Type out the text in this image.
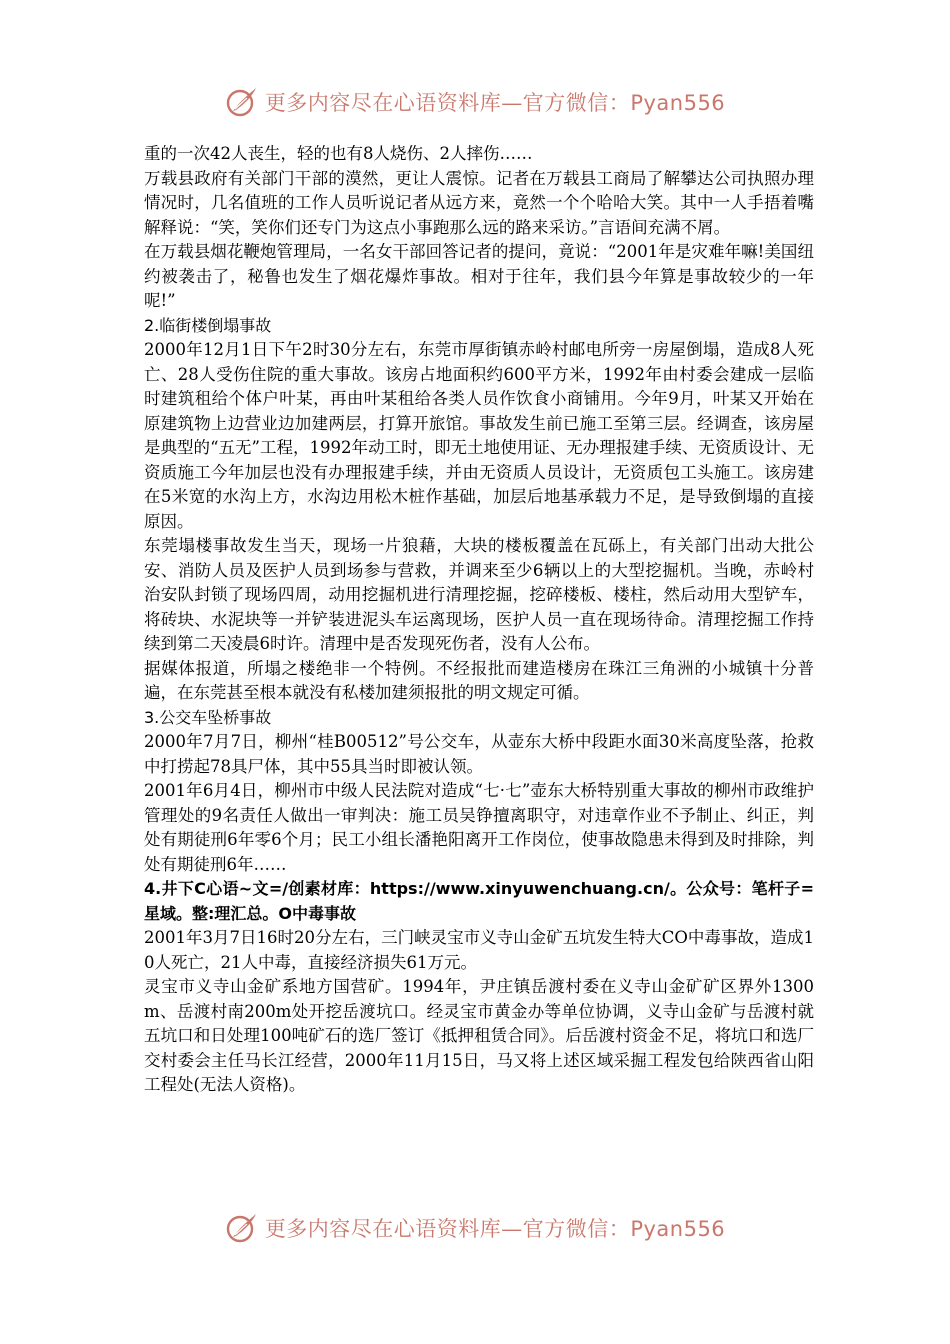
更多内容尽在心语资料库—官方微信：Pyan556

重的一次42人丧生，轻的也有8人烧伤、2人摔伤……

万载县政府有关部门干部的漠然，更让人震惊。记者在万载县工商局了解攀达公司执照办理情况时，几名值班的工作人员听说记者从远方来，竟然一个个哈哈大笑。其中一人手捂着嘴解释说：“笑，笑你们还专门为这点小事跑那么远的路来采访。”言语间充满不屑。

在万载县烟花鞭炮管理局，一名女干部回答记者的提问，竟说：“2001年是灾难年嘛!美国纽约被袭击了，秘鲁也发生了烟花爆炸事故。相对于往年，我们县今年算是事故较少的一年呢!”

2.临街楼倒塌事故

2000年12月1日下午2时30分左右，东莞市厚街镇赤岭村邮电所旁一房屋倒塌，造成8人死亡、28人受伤住院的重大事故。该房占地面积约600平方米，1992年由村委会建成一层临时建筑租给个体户叶某，再由叶某租给各类人员作饮食小商铺用。今年9月，叶某又开始在原建筑物上边营业边加建两层，打算开旅馆。事故发生前已施工至第三层。经调查，该房屋是典型的“五无”工程，1992年动工时，即无土地使用证、无办理报建手续、无资质设计、无资质施工今年加层也没有办理报建手续，并由无资质人员设计，无资质包工头施工。该房建在5米宽的水沟上方，水沟边用松木桩作基础，加层后地基承载力不足，是导致倒塌的直接原因。

东莞塌楼事故发生当天，现场一片狼藉，大块的楼板覆盖在瓦砾上，有关部门出动大批公安、消防人员及医护人员到场参与营救，并调来至少6辆以上的大型挖掘机。当晚，赤岭村治安队封锁了现场四周，动用挖掘机进行清理挖掘，挖碎楼板、楼柱，然后动用大型铲车，将砖块、水泥块等一并铲装进泥头车运离现场，医护人员一直在现场待命。清理挖掘工作持续到第二天凌晨6时许。清理中是否发现死伤者，没有人公布。

据媒体报道，所塌之楼绝非一个特例。不经报批而建造楼房在珠江三角洲的小城镇十分普遍，在东莞甚至根本就没有私楼加建须报批的明文规定可循。

3.公交车坠桥事故

2000年7月7日，柳州“桂B00512”号公交车，从壶东大桥中段距水面30米高度坠落，抢救中打捞起78具尸体，其中55具当时即被认领。

2001年6月4日，柳州市中级人民法院对造成“七·七”壶东大桥特别重大事故的柳州市政维护管理处的9名责任人做出一审判决：施工员吴铮擅离职守，对违章作业不予制止、纠正，判处有期徒刑6年零6个月；民工小组长潘艳阳离开工作岗位，使事故隐患未得到及时排除，判处有期徒刑6年……

4.井下C心语~文=/创素材库：https://www.xinyuwenchuang.cn/。公众号：笔杆子=星域。整:理汇总。O中毒事故

2001年3月7日16时20分左右，三门峡灵宝市义寺山金矿五坑发生特大CO中毒事故，造成10人死亡，21人中毒，直接经济损失61万元。

灵宝市义寺山金矿系地方国营矿。1994年，尹庄镇岳渡村委在义寺山金矿矿区界外1300m、岳渡村南200m处开挖岳渡坑口。经灵宝市黄金办等单位协调，义寺山金矿与岳渡村就五坑口和日处理100吨矿石的选厂签订《抵押租赁合同》。后岳渡村资金不足，将坑口和选厂交村委会主任马长江经营，2000年11月15日，马又将上述区域采掘工程发包给陕西省山阳工程处(无法人资格)。

更多内容尽在心语资料库—官方微信：Pyan556
